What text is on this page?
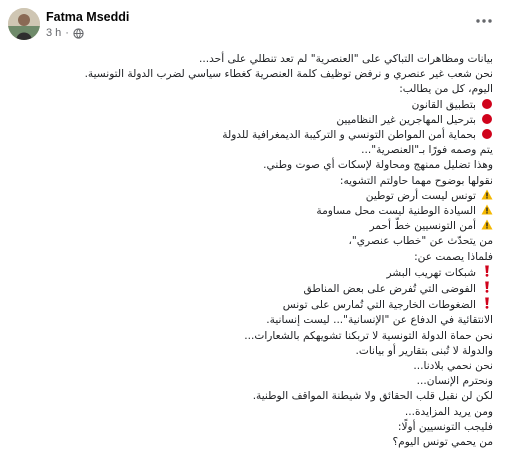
Fatma Mseddi
3 h ·
بيانات ومظاهرات التباكي على "العنصرية" لم تعد تنطلي على أحد...
نحن شعب غير عنصري و نرفض توظيف كلمة العنصرية كغطاء سياسي لضرب الدولة التونسية.
اليوم، كل من يطالب:
بتطبيق القانون
بترحيل المهاجرين غير النظاميين
بحماية أمن المواطن التونسي و التركيبة الديمغرافية للدولة
يتم وصمه فورًا بـ"العنصرية"...
وهذا تضليل ممنهج ومحاولة لإسكات أي صوت وطني.
نقولها بوضوح مهما حاولتم التشويه:
تونس ليست أرض توطين
السيادة الوطنية ليست محل مساومة
أمن التونسيين خطّ أحمر
من يتحدّث عن "خطاب عنصري"،
فلماذا يصمت عن:
شبكات تهريب البشر
الفوضى التي تُفرض على بعض المناطق
الضغوطات الخارجية التي تُمارس على تونس
الانتقائية في الدفاع عن "الإنسانية"... ليست إنسانية.
نحن حماة الدولة التونسية لا تربكنا تشويهكم بالشعارات...
والدولة لا تُبنى بتقارير أو بيانات.
نحن نحمي بلادنا...
ونحترم الإنسان...
لكن لن نقبل قلب الحقائق ولا شيطنة المواقف الوطنية.
ومن يريد المزايدة...
فليجب التونسيين أولًا:
من يحمي تونس اليوم؟
